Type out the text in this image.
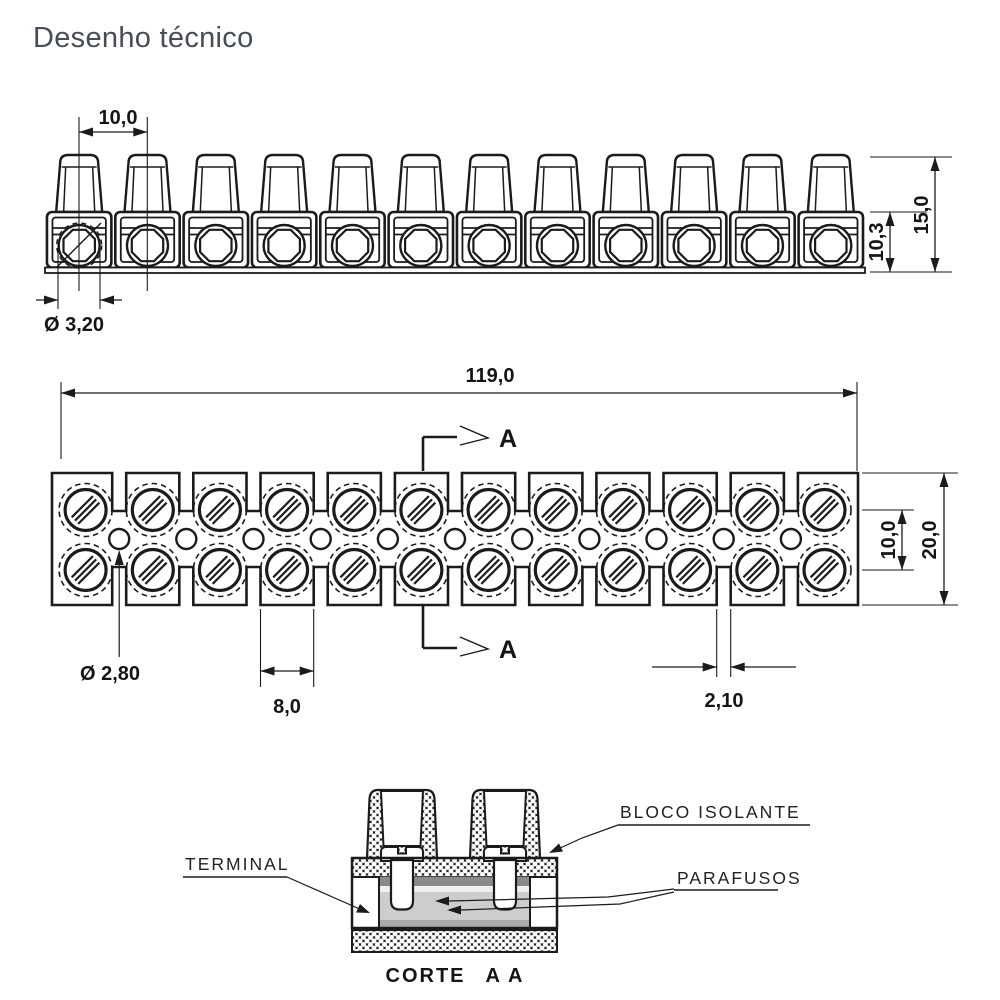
Desenho técnico
10,0
Ø 3,20
10,3
15,0
119,0
A
A
Ø 2,80
8,0	2,10
10,0 20,0
TERMINAL
BLOCO ISOLANTE
PARAFUSOS
CORTE A A
